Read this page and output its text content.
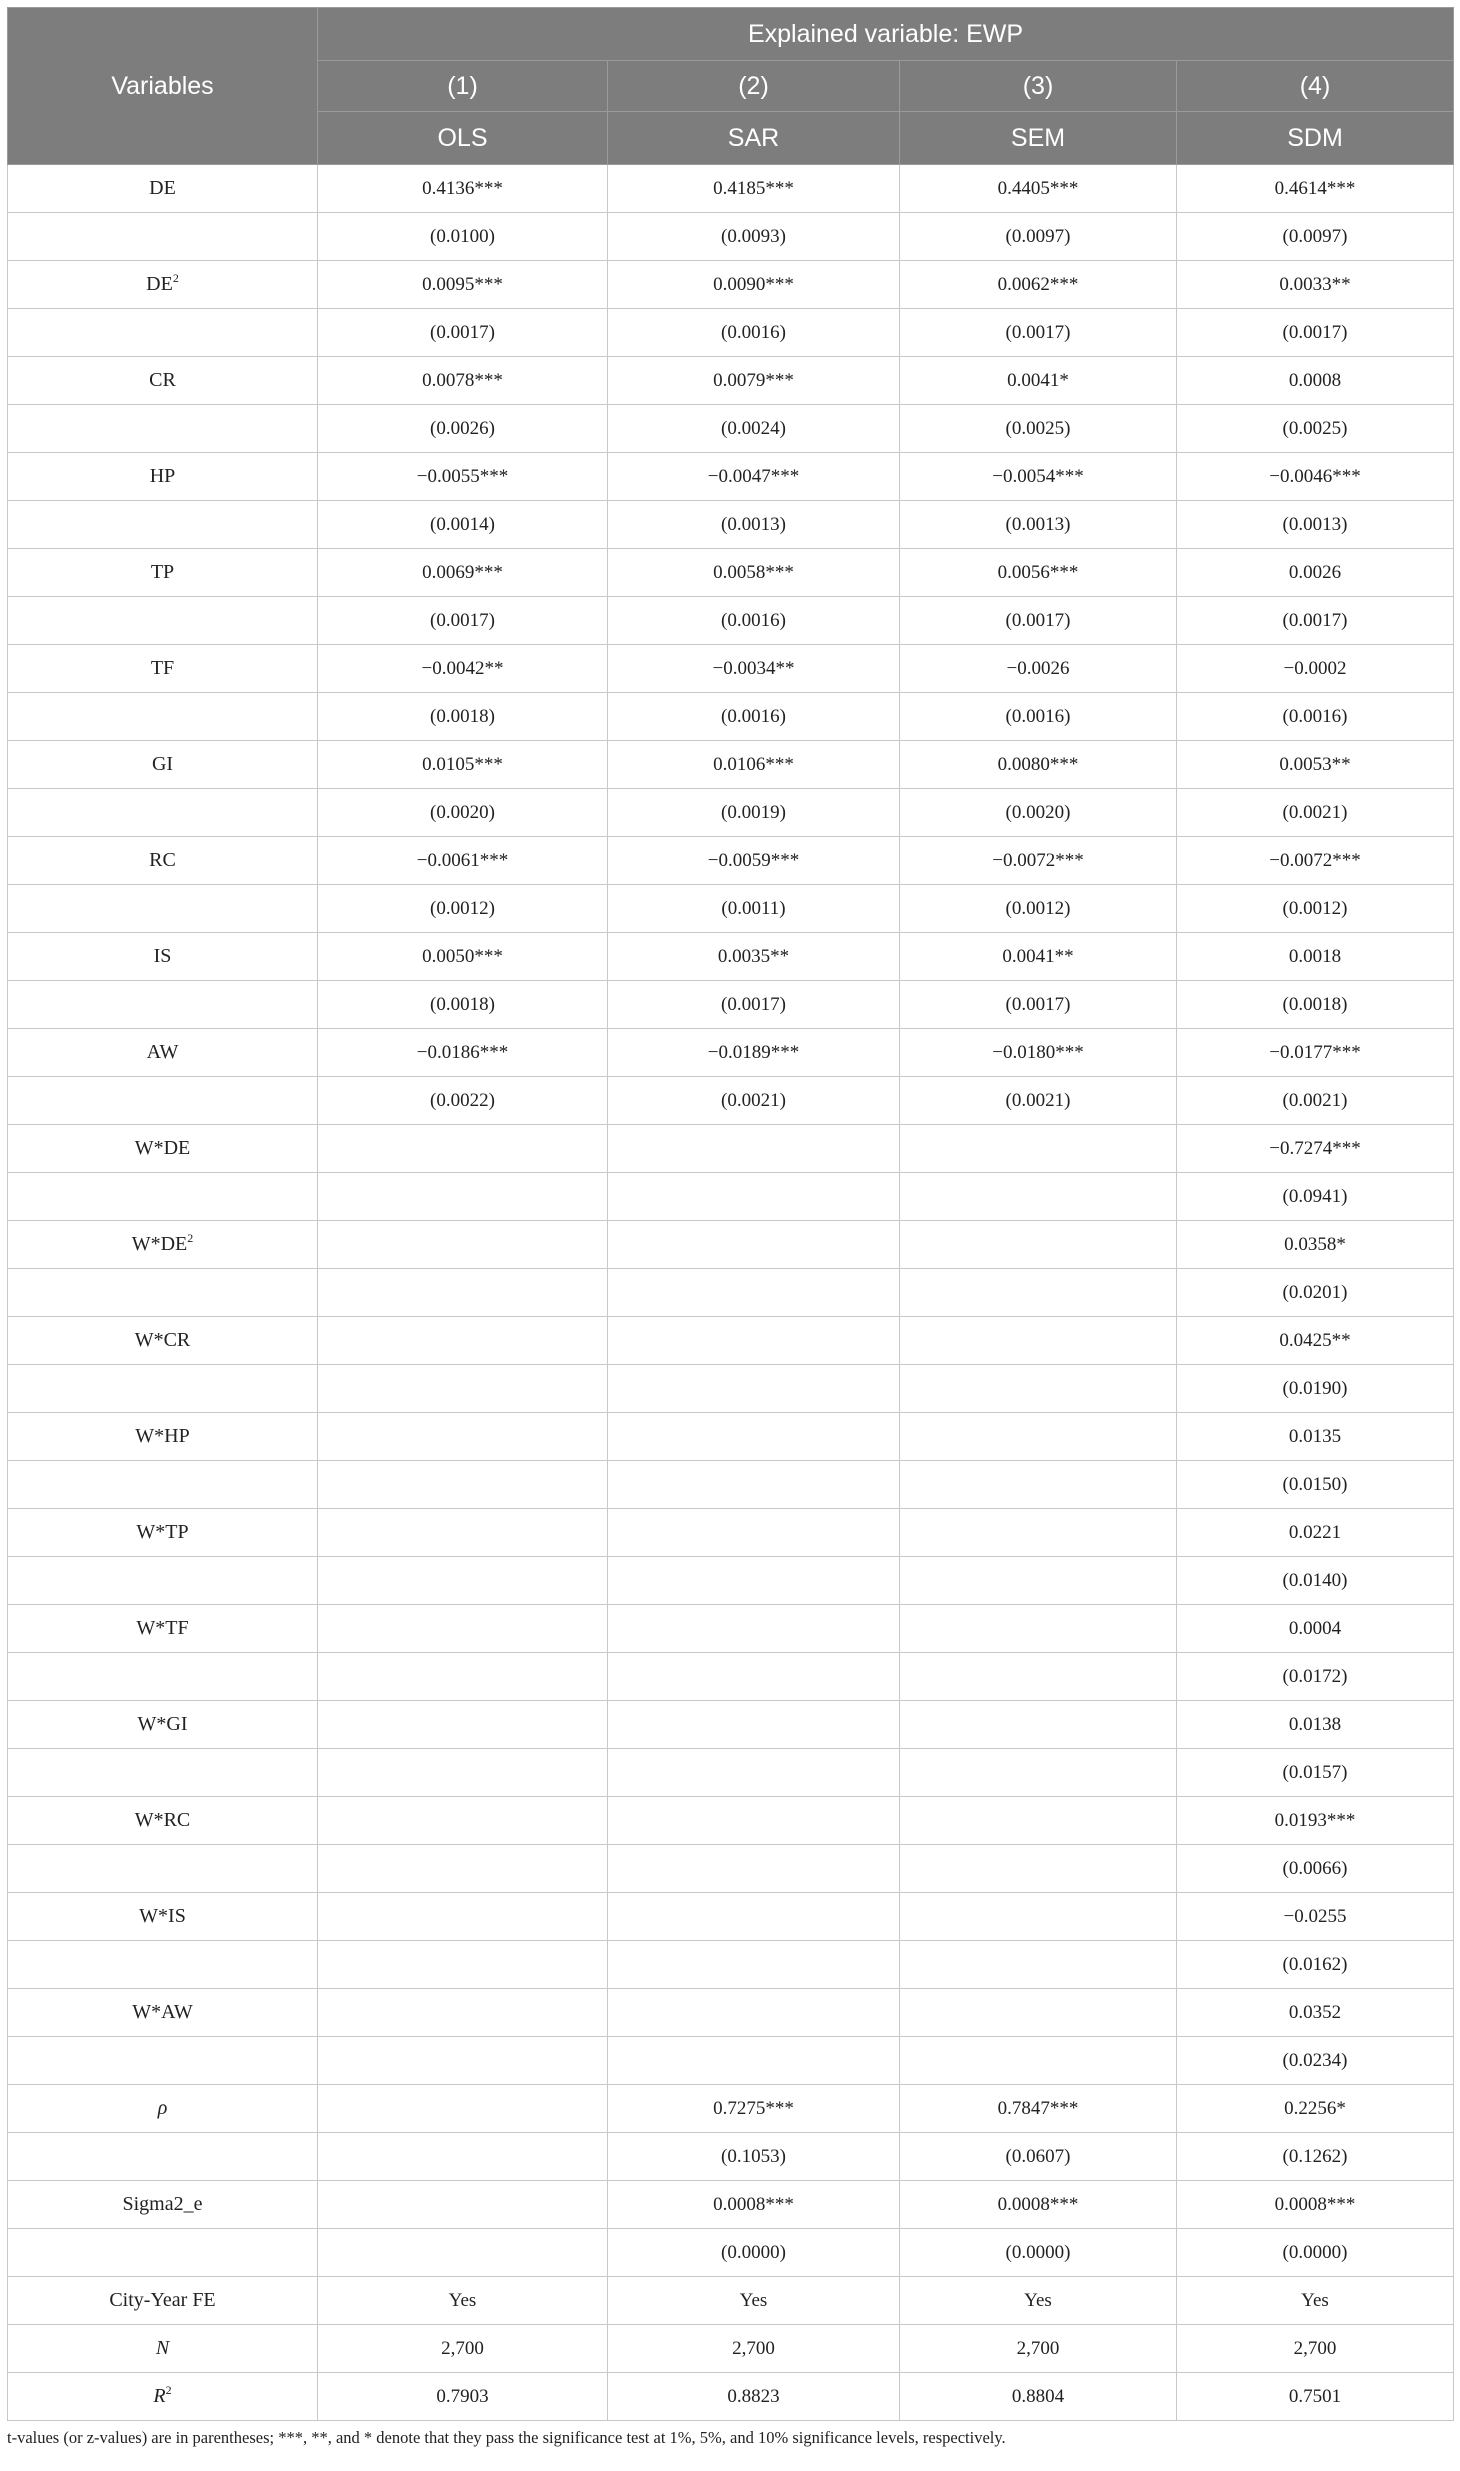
Variables	Explained variable: EWP			
	(1)	(2)	(3)	(4)
	OLS	SAR	SEM	SDM
DE	0.4136***	0.4185***	0.4405***	0.4614***
	(0.0100)	(0.0093)	(0.0097)	(0.0097)
$DE^2$	0.0095***	0.0090***	0.0062***	0.0033**
	(0.0017)	(0.0016)	(0.0017)	(0.0017)
CR	0.0078***	0.0079***	0.0041*	0.0008
	(0.0026)	(0.0024)	(0.0025)	(0.0025)
HP	−0.0055***	−0.0047***	−0.0054***	−0.0046***
	(0.0014)	(0.0013)	(0.0013)	(0.0013)
TP	0.0069***	0.0058***	0.0056***	0.0026
	(0.0017)	(0.0016)	(0.0017)	(0.0017)
TF	−0.0042**	−0.0034**	−0.0026	−0.0002
	(0.0018)	(0.0016)	(0.0016)	(0.0016)
GI	0.0105***	0.0106***	0.0080***	0.0053**
	(0.0020)	(0.0019)	(0.0020)	(0.0021)
RC	−0.0061***	−0.0059***	−0.0072***	−0.0072***
	(0.0012)	(0.0011)	(0.0012)	(0.0012)
IS	0.0050***	0.0035**	0.0041**	0.0018
	(0.0018)	(0.0017)	(0.0017)	(0.0018)
AW	−0.0186***	−0.0189***	−0.0180***	−0.0177***
	(0.0022)	(0.0021)	(0.0021)	(0.0021)
W*DE				−0.7274***
				(0.0941)
$W*DE^2$				0.0358*
				(0.0201)
W*CR				0.0425**
				(0.0190)
W*HP				0.0135
				(0.0150)
W*TP				0.0221
				(0.0140)
W*TF				0.0004
				(0.0172)
W*GI				0.0138
				(0.0157)
W*RC				0.0193***
				(0.0066)
W*IS				−0.0255
				(0.0162)
W*AW				0.0352
				(0.0234)
ρ		0.7275***	0.7847***	0.2256*
		(0.1053)	(0.0607)	(0.1262)
Sigma2_e		0.0008***	0.0008***	0.0008***
		(0.0000)	(0.0000)	(0.0000)
City-Year FE	Yes	Yes	Yes	Yes
N	2,700	2,700	2,700	2,700
$R^2$	0.7903	0.8823	0.8804	0.7501
t-values (or z-values) are in parentheses; ***, **, and * denote that they pass the significance test at 1%, 5%, and 10% significance levels, respectively.
